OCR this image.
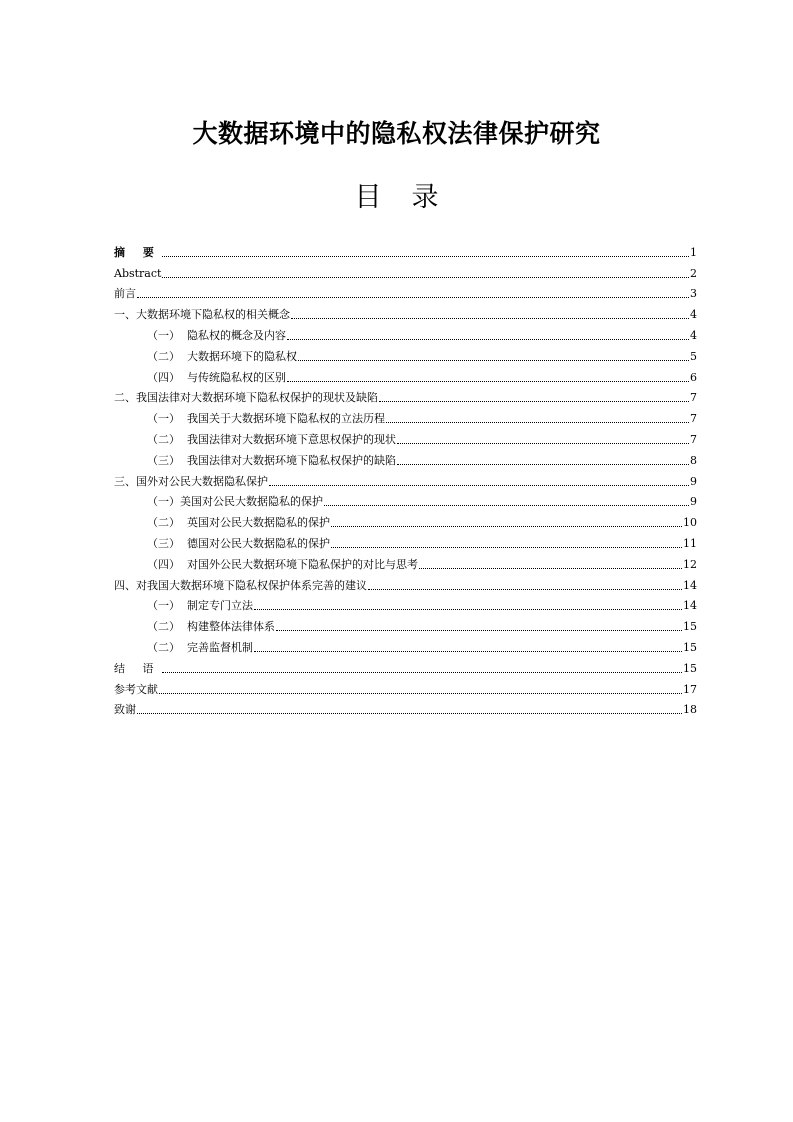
大数据环境中的隐私权法律保护研究
目 录
摘 要	1
Abstract	2
前言	3
一、大数据环境下隐私权的相关概念	4
（一） 隐私权的概念及内容	4
（二） 大数据环境下的隐私权	5
（四） 与传统隐私权的区别	6
二、我国法律对大数据环境下隐私权保护的现状及缺陷	7
（一） 我国关于大数据环境下隐私权的立法历程	7
（二） 我国法律对大数据环境下意思权保护的现状	7
（三） 我国法律对大数据环境下隐私权保护的缺陷	8
三、国外对公民大数据隐私保护	9
（一）美国对公民大数据隐私的保护	9
（二） 英国对公民大数据隐私的保护	10
（三） 德国对公民大数据隐私的保护	11
（四） 对国外公民大数据环境下隐私保护的对比与思考	12
四、对我国大数据环境下隐私权保护体系完善的建议	14
（一） 制定专门立法	14
（二） 构建整体法律体系	15
（二） 完善监督机制	15
结 语	15
参考文献	17
致谢	18
